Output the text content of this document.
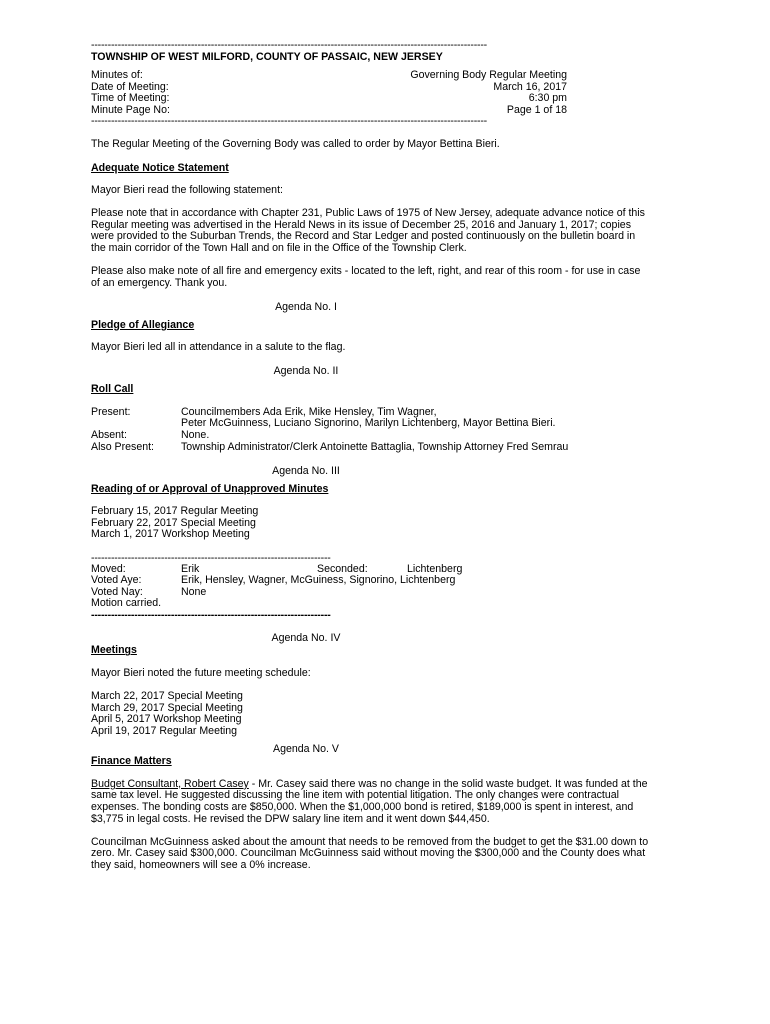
-----------------------------------------------------------------------------------------------------------------------
TOWNSHIP OF WEST MILFORD, COUNTY OF PASSAIC, NEW JERSEY
Minutes of:	Governing Body Regular Meeting
Date of Meeting:	March 16, 2017
Time of Meeting:	6:30 pm
Minute Page No:	Page 1 of 18
-----------------------------------------------------------------------------------------------------------------------

The Regular Meeting of the Governing Body was called to order by Mayor Bettina Bieri.

Adequate Notice Statement

Mayor Bieri read the following statement:

Please note that in accordance with Chapter 231, Public Laws of 1975 of New Jersey, adequate advance notice of this Regular meeting was advertised in the Herald News in its issue of December 25, 2016 and January 1, 2017; copies were provided to the Suburban Trends, the Record and Star Ledger and posted continuously on the bulletin board in the main corridor of the Town Hall and on file in the Office of the Township Clerk.

Please also make note of all fire and emergency exits - located to the left, right, and rear of this room - for use in case of an emergency. Thank you.

Agenda No. I
Pledge of Allegiance

Mayor Bieri led all in attendance in a salute to the flag.

Agenda No. II
Roll Call
Present:	Councilmembers Ada Erik, Mike Hensley, Tim Wagner,
Peter McGuinness, Luciano Signorino, Marilyn Lichtenberg, Mayor Bettina Bieri.
Absent:	None.
Also Present:	Township Administrator/Clerk Antoinette Battaglia, Township Attorney Fred Semrau
Agenda No. III
Reading of or Approval of Unapproved Minutes

February 15, 2017 Regular Meeting

February 22, 2017 Special Meeting

March 1, 2017 Workshop Meeting

------------------------------------------------------------------------
Moved:	Erik	Seconded:	Lichtenberg
Voted Aye:	Erik, Hensley, Wagner, McGuiness, Signorino, Lichtenberg
Voted Nay:	None
Motion carried.
------------------------------------------------------------------------
Agenda No. IV
Meetings

Mayor Bieri noted the future meeting schedule:

March 22, 2017 Special Meeting

March 29, 2017 Special Meeting

April 5, 2017 Workshop Meeting

April 19, 2017 Regular Meeting

Agenda No. V
Finance Matters

Budget Consultant, Robert Casey - Mr. Casey said there was no change in the solid waste budget. It was funded at the same tax level. He suggested discussing the line item with potential litigation. The only changes were contractual expenses. The bonding costs are $850,000. When the $1,000,000 bond is retired, $189,000 is spent in interest, and $3,775 in legal costs. He revised the DPW salary line item and it went down $44,450.

Councilman McGuinness asked about the amount that needs to be removed from the budget to get the $31.00 down to zero. Mr. Casey said $300,000. Councilman McGuinness said without moving the $300,000 and the County does what they said, homeowners will see a 0% increase.
